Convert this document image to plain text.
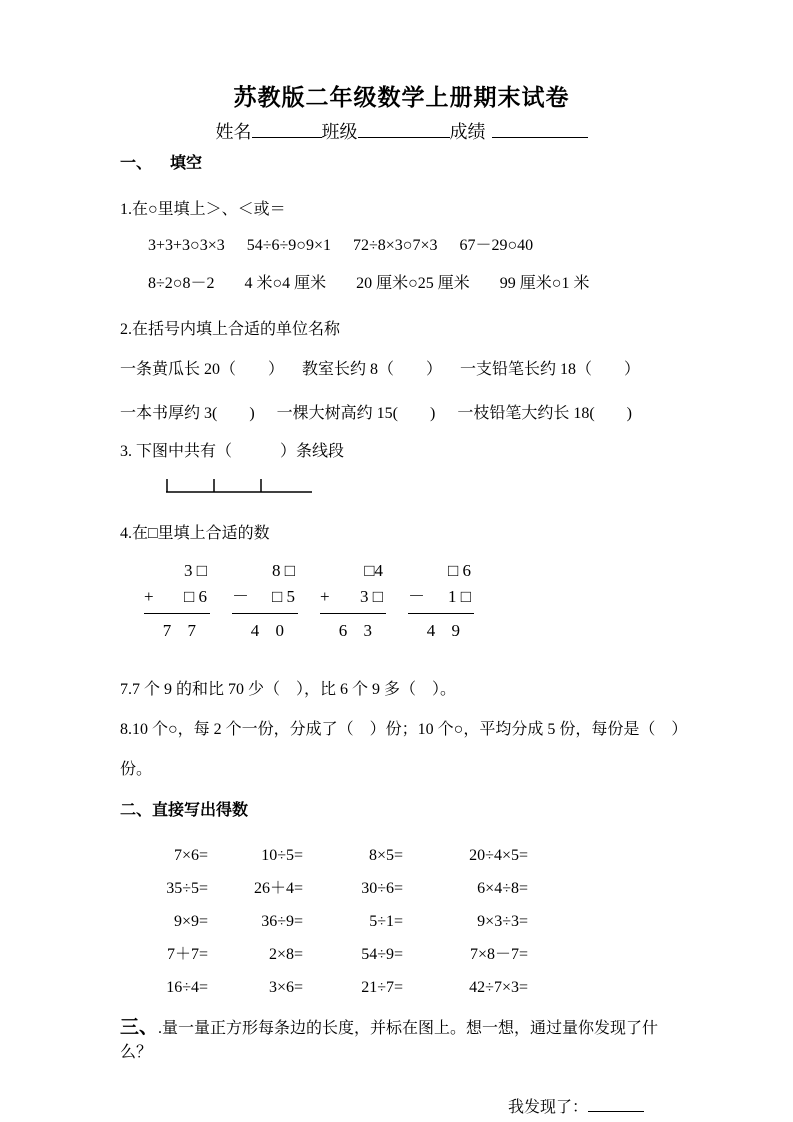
苏教版二年级数学上册期末试卷
姓名	班级	成绩
一、 填空
1.在○里填上＞、＜或＝
3+3+3○3×3 54÷6÷9○9×1 72÷8×3○7×3 67－29○40
8÷2○8－2 4 米○4 厘米 20 厘米○25 厘米 99 厘米○1 米
2.在括号内填上合适的单位名称
一条黄瓜长 20（　　） 教室长约 8（　　） 一支铅笔长约 18（　　）
一本书厚约 3(　　) 一棵大树高约 15(　　) 一枝铅笔大约长 18(　　)
3. 下图中共有（　　　）条线段
4.在□里填上合适的数
3 □
+ □ 6
7 7
8 □
－ □ 5
4 0
□4
+ 3 □
6 3
□ 6
－ 1 □
4 9
7.7 个 9 的和比 70 少（　），比 6 个 9 多（　）。
8.10 个○，每 2 个一份，分成了（　）份；10 个○，平均分成 5 份，每份是（　）
份。
二、直接写出得数
7×6=	10÷5=	8×5=	20÷4×5=
35÷5=	26＋4=	30÷6=	6×4÷8=
9×9=	36÷9=	5÷1=	9×3÷3=
7＋7=	2×8=	54÷9=	7×8－7=
16÷4=	3×6=	21÷7=	42÷7×3=
三、.量一量正方形每条边的长度，并标在图上。想一想，通过量你发现了什么？
我发现了：
